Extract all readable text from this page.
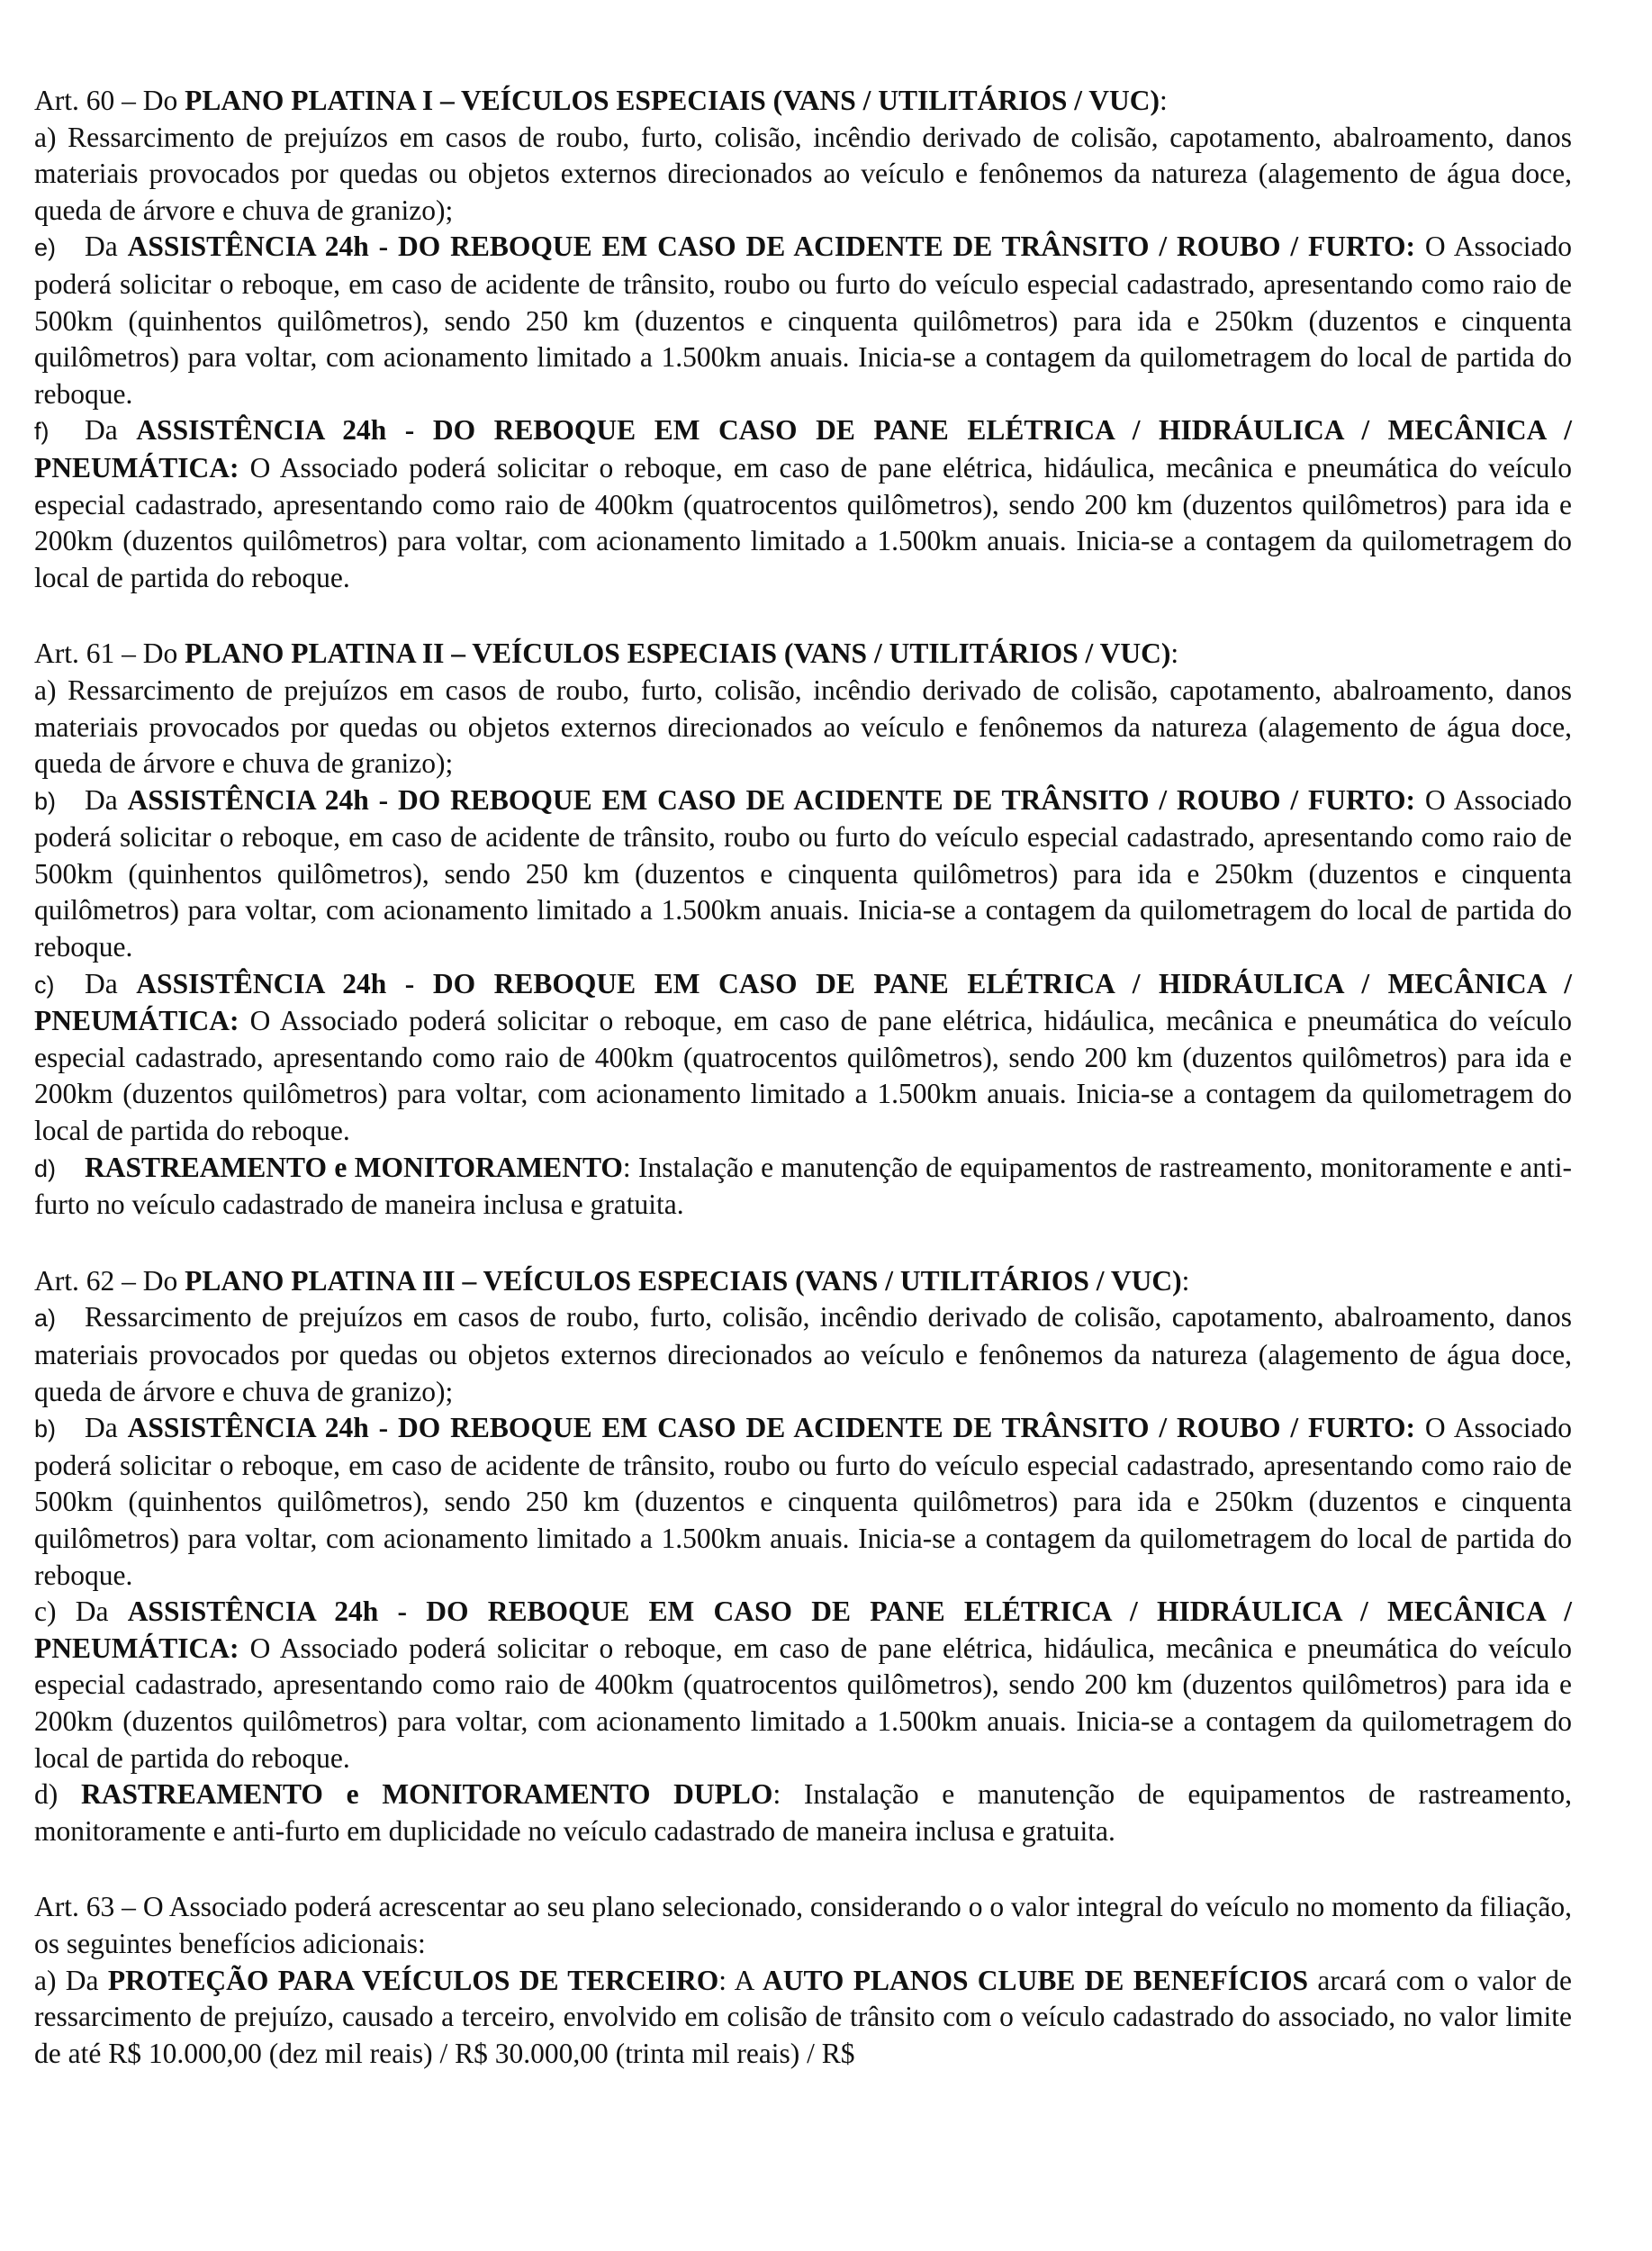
Art. 60 – Do PLANO PLATINA I – VEÍCULOS ESPECIAIS (VANS / UTILITÁRIOS / VUC):

a) Ressarcimento de prejuízos em casos de roubo, furto, colisão, incêndio derivado de colisão, capotamento, abalroamento, danos materiais provocados por quedas ou objetos externos direcionados ao veículo e fenônemos da natureza (alagemento de água doce, queda de árvore e chuva de granizo);

e) Da ASSISTÊNCIA 24h - DO REBOQUE EM CASO DE ACIDENTE DE TRÂNSITO / ROUBO / FURTO: O Associado poderá solicitar o reboque, em caso de acidente de trânsito, roubo ou furto do veículo especial cadastrado, apresentando como raio de 500km (quinhentos quilômetros), sendo 250 km (duzentos e cinquenta quilômetros) para ida e 250km (duzentos e cinquenta quilômetros) para voltar, com acionamento limitado a 1.500km anuais. Inicia-se a contagem da quilometragem do local de partida do reboque.

f) Da ASSISTÊNCIA 24h - DO REBOQUE EM CASO DE PANE ELÉTRICA / HIDRÁULICA / MECÂNICA / PNEUMÁTICA: O Associado poderá solicitar o reboque, em caso de pane elétrica, hidáulica, mecânica e pneumática do veículo especial cadastrado, apresentando como raio de 400km (quatrocentos quilômetros), sendo 200 km (duzentos quilômetros) para ida e 200km (duzentos quilômetros) para voltar, com acionamento limitado a 1.500km anuais. Inicia-se a contagem da quilometragem do local de partida do reboque.

Art. 61 – Do PLANO PLATINA II – VEÍCULOS ESPECIAIS (VANS / UTILITÁRIOS / VUC):

a) Ressarcimento de prejuízos em casos de roubo, furto, colisão, incêndio derivado de colisão, capotamento, abalroamento, danos materiais provocados por quedas ou objetos externos direcionados ao veículo e fenônemos da natureza (alagemento de água doce, queda de árvore e chuva de granizo);

b) Da ASSISTÊNCIA 24h - DO REBOQUE EM CASO DE ACIDENTE DE TRÂNSITO / ROUBO / FURTO: O Associado poderá solicitar o reboque, em caso de acidente de trânsito, roubo ou furto do veículo especial cadastrado, apresentando como raio de 500km (quinhentos quilômetros), sendo 250 km (duzentos e cinquenta quilômetros) para ida e 250km (duzentos e cinquenta quilômetros) para voltar, com acionamento limitado a 1.500km anuais. Inicia-se a contagem da quilometragem do local de partida do reboque.

c) Da ASSISTÊNCIA 24h - DO REBOQUE EM CASO DE PANE ELÉTRICA / HIDRÁULICA / MECÂNICA / PNEUMÁTICA: O Associado poderá solicitar o reboque, em caso de pane elétrica, hidáulica, mecânica e pneumática do veículo especial cadastrado, apresentando como raio de 400km (quatrocentos quilômetros), sendo 200 km (duzentos quilômetros) para ida e 200km (duzentos quilômetros) para voltar, com acionamento limitado a 1.500km anuais. Inicia-se a contagem da quilometragem do local de partida do reboque.

d) RASTREAMENTO e MONITORAMENTO: Instalação e manutenção de equipamentos de rastreamento, monitoramente e anti-furto no veículo cadastrado de maneira inclusa e gratuita.

Art. 62 – Do PLANO PLATINA III – VEÍCULOS ESPECIAIS (VANS / UTILITÁRIOS / VUC):

a) Ressarcimento de prejuízos em casos de roubo, furto, colisão, incêndio derivado de colisão, capotamento, abalroamento, danos materiais provocados por quedas ou objetos externos direcionados ao veículo e fenônemos da natureza (alagemento de água doce, queda de árvore e chuva de granizo);

b) Da ASSISTÊNCIA 24h - DO REBOQUE EM CASO DE ACIDENTE DE TRÂNSITO / ROUBO / FURTO: O Associado poderá solicitar o reboque, em caso de acidente de trânsito, roubo ou furto do veículo especial cadastrado, apresentando como raio de 500km (quinhentos quilômetros), sendo 250 km (duzentos e cinquenta quilômetros) para ida e 250km (duzentos e cinquenta quilômetros) para voltar, com acionamento limitado a 1.500km anuais. Inicia-se a contagem da quilometragem do local de partida do reboque.

c) Da ASSISTÊNCIA 24h - DO REBOQUE EM CASO DE PANE ELÉTRICA / HIDRÁULICA / MECÂNICA / PNEUMÁTICA: O Associado poderá solicitar o reboque, em caso de pane elétrica, hidáulica, mecânica e pneumática do veículo especial cadastrado, apresentando como raio de 400km (quatrocentos quilômetros), sendo 200 km (duzentos quilômetros) para ida e 200km (duzentos quilômetros) para voltar, com acionamento limitado a 1.500km anuais. Inicia-se a contagem da quilometragem do local de partida do reboque.

d) RASTREAMENTO e MONITORAMENTO DUPLO: Instalação e manutenção de equipamentos de rastreamento, monitoramente e anti-furto em duplicidade no veículo cadastrado de maneira inclusa e gratuita.

Art. 63 – O Associado poderá acrescentar ao seu plano selecionado, considerando o o valor integral do veículo no momento da filiação, os seguintes benefícios adicionais:

a) Da PROTEÇÃO PARA VEÍCULOS DE TERCEIRO: A AUTO PLANOS CLUBE DE BENEFÍCIOS arcará com o valor de ressarcimento de prejuízo, causado a terceiro, envolvido em colisão de trânsito com o veículo cadastrado do associado, no valor limite de até R$ 10.000,00 (dez mil reais) / R$ 30.000,00 (trinta mil reais) / R$
